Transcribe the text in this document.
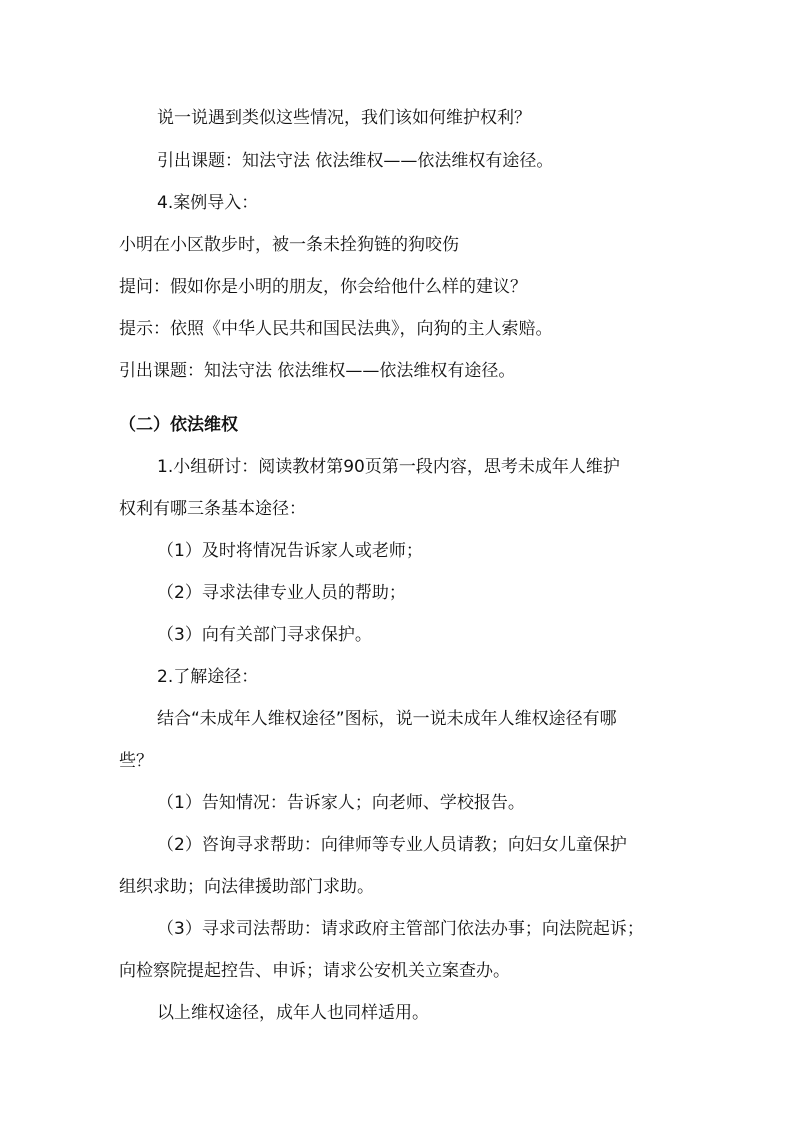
说一说遇到类似这些情况，我们该如何维护权利？
引出课题：知法守法 依法维权——依法维权有途径。
4.案例导入：
小明在小区散步时，被一条未拴狗链的狗咬伤
提问：假如你是小明的朋友，你会给他什么样的建议？
提示：依照《中华人民共和国民法典》，向狗的主人索赔。
引出课题：知法守法 依法维权——依法维权有途径。
（二）依法维权
1.小组研讨：阅读教材第90页第一段内容，思考未成年人维护
权利有哪三条基本途径：
（1）及时将情况告诉家人或老师；
（2）寻求法律专业人员的帮助；
（3）向有关部门寻求保护。
2.了解途径：
结合“未成年人维权途径”图标，说一说未成年人维权途径有哪
些？
（1）告知情况：告诉家人；向老师、学校报告。
（2）咨询寻求帮助：向律师等专业人员请教；向妇女儿童保护
组织求助；向法律援助部门求助。
（3）寻求司法帮助：请求政府主管部门依法办事；向法院起诉；
向检察院提起控告、申诉；请求公安机关立案查办。
以上维权途径，成年人也同样适用。
